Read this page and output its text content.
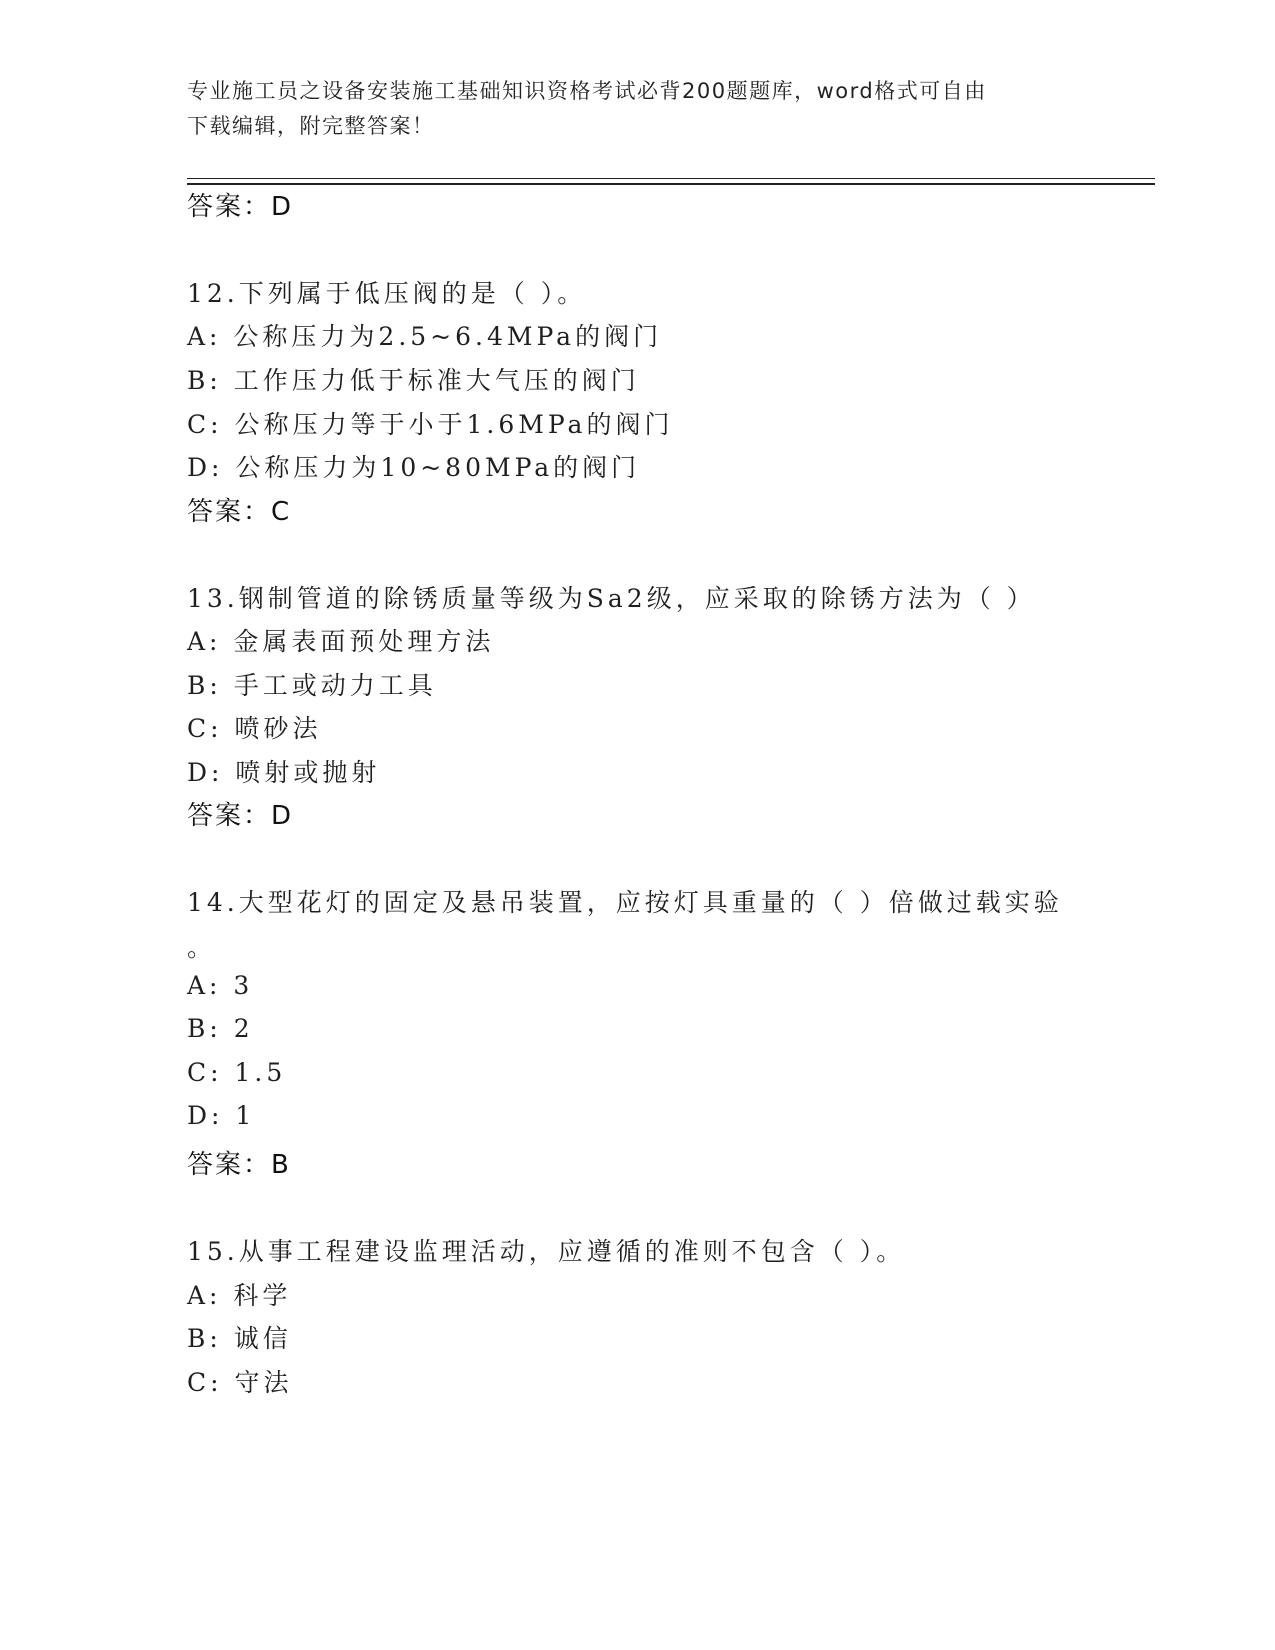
专业施工员之设备安装施工基础知识资格考试必背200题题库，word格式可自由
下载编辑，附完整答案！
答案：D
12.下列属于低压阀的是（ ）。
A: 公称压力为2.5~6.4MPa的阀门
B: 工作压力低于标准大气压的阀门
C: 公称压力等于小于1.6MPa的阀门
D: 公称压力为10~80MPa的阀门
答案：C
13.钢制管道的除锈质量等级为Sa2级，应采取的除锈方法为（ ）
A: 金属表面预处理方法
B: 手工或动力工具
C: 喷砂法
D: 喷射或抛射
答案：D
14.大型花灯的固定及悬吊装置，应按灯具重量的（ ）倍做过载实验
。
A: 3
B: 2
C: 1.5
D: 1
答案：B
15.从事工程建设监理活动，应遵循的准则不包含（ ）。
A: 科学
B: 诚信
C: 守法
